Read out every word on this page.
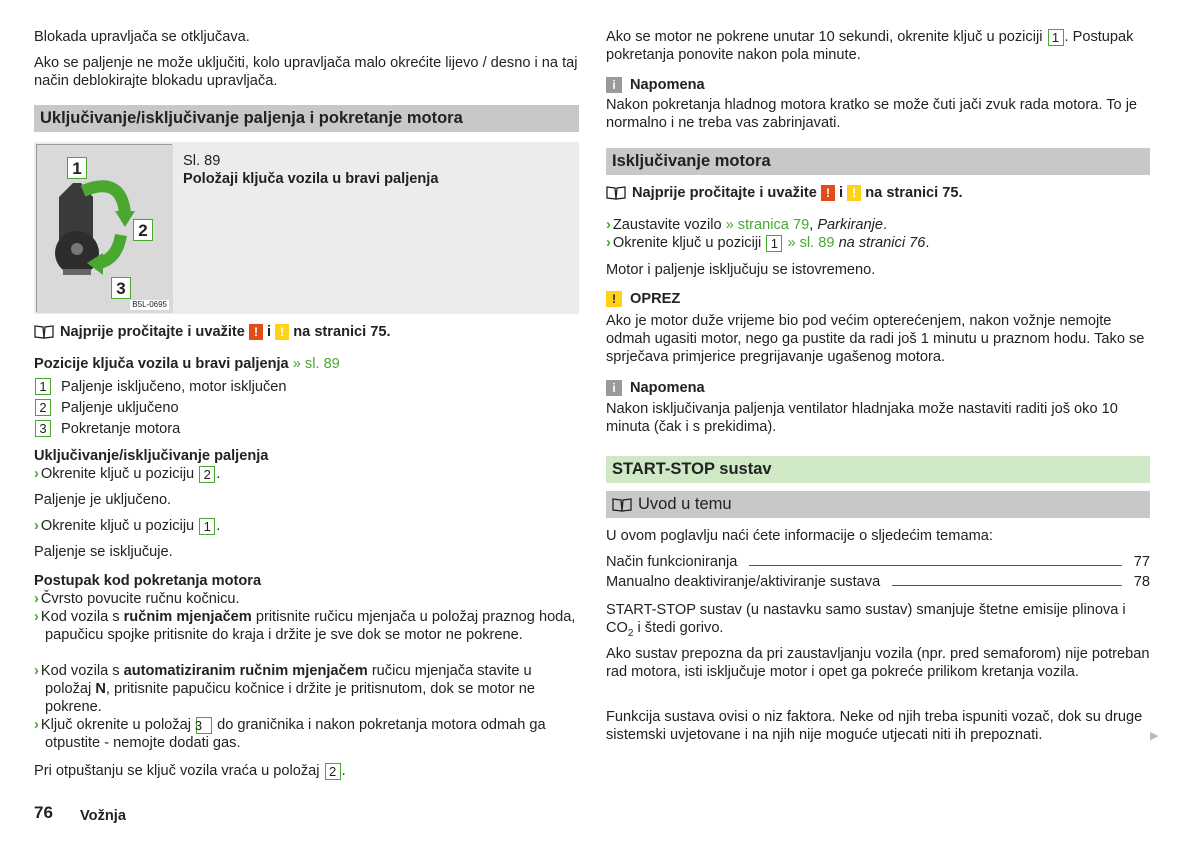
Blokada upravljača se otključava.

Ako se paljenje ne može uključiti, kolo upravljača malo okrećite lijevo / desno i na taj način deblokirajte blokadu upravljača.

Uključivanje/isključivanje paljenja i pokretanje motora
1
2
3
B5L-0695
Sl. 89
Položaji ključa vozila u bravi paljenja

Najprije pročitajte i uvažite ! i ! na stranici 75.

Pozicije ključa vozila u bravi paljenja » sl. 89

1 Paljenje isključeno, motor isključen
2 Paljenje uključeno
3 Pokretanje motora

Uključivanje/isključivanje paljenja

› Okrenite ključ u poziciju 2 .

Paljenje je uključeno.

› Okrenite ključ u poziciju 1 .

Paljenje se isključuje.

Postupak kod pokretanja motora

› Čvrsto povucite ručnu kočnicu.

› Kod vozila s ručnim mjenjačem pritisnite ručicu mjenjača u položaj praznog hoda, papučicu spojke pritisnite do kraja i držite je sve dok se motor ne pokrene.

› Kod vozila s automatiziranim ručnim mjenjačem ručicu mjenjača stavite u položaj N, pritisnite papučicu kočnice i držite je pritisnutom, dok se motor ne pokrene.

› Ključ okrenite u položaj 3 do graničnika i nakon pokretanja motora odmah ga otpustite - nemojte dodati gas.

Pri otpuštanju se ključ vozila vraća u položaj 2 .

Ako se motor ne pokrene unutar 10 sekundi, okrenite ključ u poziciji 1 . Postupak pokretanja ponovite nakon pola minute.

i Napomena

Nakon pokretanja hladnog motora kratko se može čuti jači zvuk rada motora. To je normalno i ne treba vas zabrinjavati.

Isključivanje motora

Najprije pročitajte i uvažite ! i ! na stranici 75.

› Zaustavite vozilo » stranica 79, Parkiranje.

› Okrenite ključ u poziciji 1 » sl. 89 na stranici 76.

Motor i paljenje isključuju se istovremeno.

! OPREZ

Ako je motor duže vrijeme bio pod većim opterećenjem, nakon vožnje nemojte odmah ugasiti motor, nego ga pustite da radi još 1 minutu u praznom hodu. Tako se sprječava primjerice pregrijavanje ugašenog motora.

i Napomena

Nakon isključivanja paljenja ventilator hladnjaka može nastaviti raditi još oko 10 minuta (čak i s prekidima).

START-STOP sustav
Uvod u temu

U ovom poglavlju naći ćete informacije o sljedećim temama:

Način funkcioniranja	77
Manualno deaktiviranje/aktiviranje sustava	78

START-STOP sustav (u nastavku samo sustav) smanjuje štetne emisije plinova i $CO_2$ i štedi gorivo.

Ako sustav prepozna da pri zaustavljanju vozila (npr. pred semaforom) nije potreban rad motora, isti isključuje motor i opet ga pokreće prilikom kretanja vozila.

Funkcija sustava ovisi o niz faktora. Neke od njih treba ispuniti vozač, dok su druge sistemski uvjetovane i na njih nije moguće utjecati niti ih prepoznati.	▶
76 Vožnja
